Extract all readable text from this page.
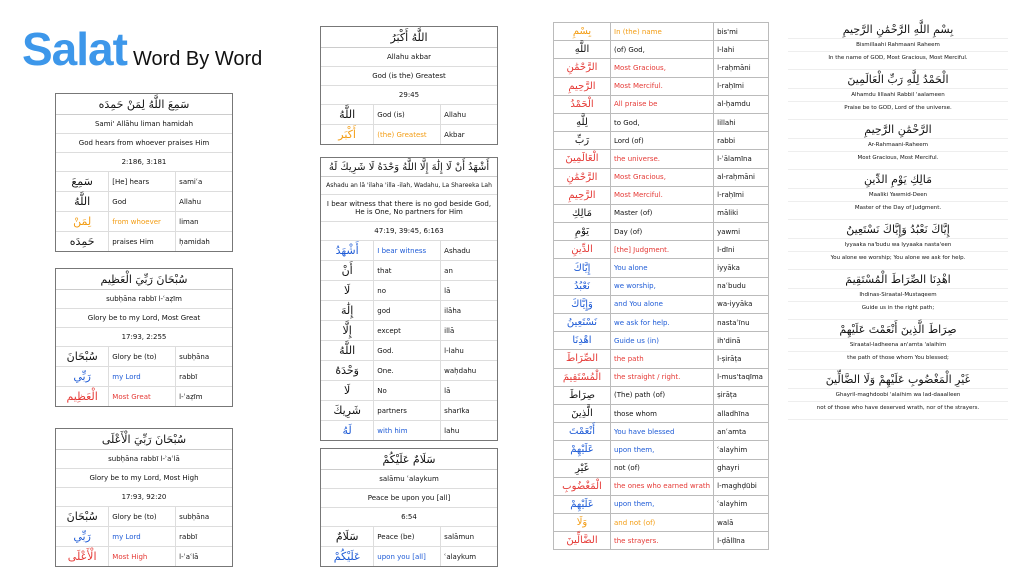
Salat Word By Word
سَمِعَ اللَّهُ لِمَنْ حَمِدَه
Sami' Allāhu liman hamidah
God hears from whoever praises Him
2:186, 3:181
سَمِعَ	[He] hears	samiʿa
اللَّهُ	God	Allahu
لِمَنْ	from whoever	liman
حَمِدَه	praises Him	ḥamidah
سُبْحَانَ رَبِّيَ الْعَظِيم
subḥāna rabbī l-ʿaẓīm
Glory be to my Lord, Most Great
17:93, 2:255
سُبْحَانَ	Glory be (to)	subḥāna
رَبِّي	my Lord	rabbī
الْعَظِيم	Most Great	l-ʿaẓīm
سُبْحَانَ رَبِّيَ الْأَعْلَى
subḥāna rabbī l-ʾaʿlā
Glory be to my Lord, Most High
17:93, 92:20
سُبْحَانَ	Glory be (to)	subḥāna
رَبِّي	my Lord	rabbī
الْأَعْلَى	Most High	l-ʾaʿlā
اللَّهُ أَكْبَرُ
Allahu akbar
God (is the) Greatest
29:45
اللَّهُ	God (is)	Allahu
أَكْبَر	(the) Greatest	Akbar
أَشْهَدُ أَنْ لَا إِلَٰهَ إِلَّا اللَّهُ وَحْدَهُ لَا شَرِيكَ لَهُ
Ashadu an lā 'ilaha 'illa -ilah, Wadahu, La Shareeka Lah
I bear witness that there is no god beside God, He is One, No partners for Him
47:19, 39:45, 6:163
أَشْهَدُ	I bear witness	Ashadu
أَنْ	that	an
لَا	no	lā
إِلَٰهَ	god	ilāha
إِلَّا	except	illā
اللَّهُ	God.	l-lahu
وَحْدَهُ	One.	waḥdahu
لَا	No	lā
شَرِيكَ	partners	sharīka
لَهُ	with him	lahu
سَلَامٌ عَلَيْكُمْ
salāmu ʿalaykum
Peace be upon you [all]
6:54
سَلَامٌ	Peace (be)	salāmun
عَلَيْكُمْ	upon you [all]	ʿalaykum
بِسْمِ	In (the) name	bis'mi
اللَّهِ	(of) God,	l-lahi
الرَّحْمَٰنِ	Most Gracious,	l-raḥmāni
الرَّحِيمِ	Most Merciful.	l-raḥīmi
الْحَمْدُ	All praise be	al-ḥamdu
لِلَّهِ	to God,	lillahi
رَبِّ	Lord (of)	rabbi
الْعَالَمِينَ	the universe.	l-ʿālamīna
الرَّحْمَٰنِ	Most Gracious,	al-raḥmāni
الرَّحِيمِ	Most Merciful.	l-raḥīmi
مَالِكِ	Master (of)	māliki
يَوْمِ	Day (of)	yawmi
الدِّينِ	[the] Judgment.	l-dīni
إِيَّاكَ	You alone	iyyāka
نَعْبُدُ	we worship,	naʿbudu
وَإِيَّاكَ	and You alone	wa-iyyāka
نَسْتَعِينُ	we ask for help.	nastaʿīnu
اهْدِنَا	Guide us (in)	ih'dinā
الصِّرَاطَ	the path	l-ṣirāṭa
الْمُسْتَقِيمَ	the straight / right.	l-mus'taqīma
صِرَاطَ	(The) path (of)	ṣirāṭa
الَّذِينَ	those whom	alladhīna
أَنْعَمْتَ	You have blessed	anʿamta
عَلَيْهِمْ	upon them,	ʿalayhim
غَيْرِ	not (of)	ghayri
الْمَغْضُوبِ	the ones who earned wrath	l-maghḍūbi
عَلَيْهِمْ	upon them,	ʿalayhim
وَلَا	and not (of)	walā
الضَّالِّينَ	the strayers.	l-ḍāllīna
بِسْمِ اللَّهِ الرَّحْمَٰنِ الرَّحِيمِ
Bismillaahi Rahmaani Raheem
In the name of GOD, Most Gracious, Most Merciful.
الْحَمْدُ لِلَّهِ رَبِّ الْعَالَمِينَ
Alhamdu lillaahi Rabbil 'aalameen
Praise be to GOD, Lord of the universe.
الرَّحْمَٰنِ الرَّحِيمِ
Ar-Rahmaani-Raheem
Most Gracious, Most Merciful.
مَالِكِ يَوْمِ الدِّينِ
Maaliki Yawmid-Deen
Master of the Day of Judgment.
إِيَّاكَ نَعْبُدُ وَإِيَّاكَ نَسْتَعِينُ
Iyyaaka na'budu wa lyyaaka nasta'een
You alone we worship; You alone we ask for help.
اهْدِنَا الصِّرَاطَ الْمُسْتَقِيمَ
Ihdinas-Siraatal-Mustaqeem
Guide us in the right path;
صِرَاطَ الَّذِينَ أَنْعَمْتَ عَلَيْهِمْ
Siraatal-ladheena an'amta 'alaihim
the path of those whom You blessed;
غَيْرِ الْمَغْضُوبِ عَلَيْهِمْ وَلَا الضَّالِّينَ
Ghayril-maghdoobi 'alaihim wa lad-daaalleen
not of those who have deserved wrath, nor of the strayers.
